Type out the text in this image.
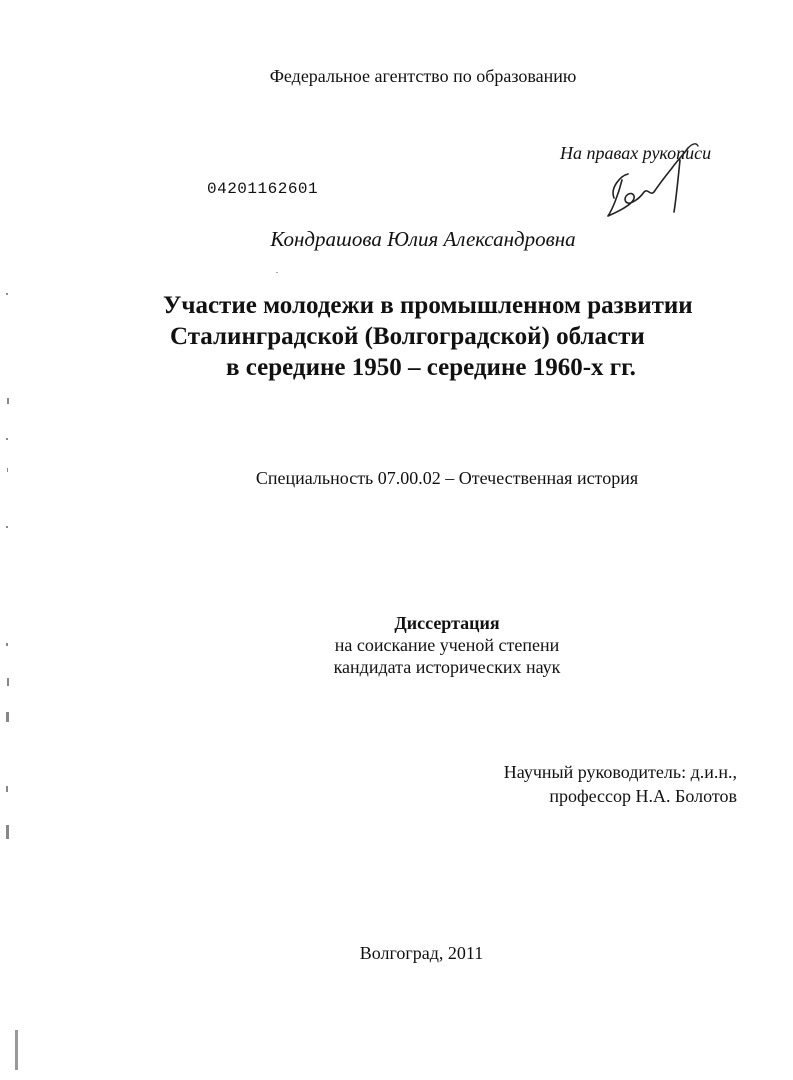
Федеральное агентство по образованию
На правах рукописи
04201162601
Кондрашова Юлия Александровна
Участие молодежи в промышленном развитии
Сталинградской (Волгоградской) области
в середине 1950 – середине 1960-х гг.
Специальность 07.00.02 – Отечественная история
Диссертация
на соискание ученой степени
кандидата исторических наук
Научный руководитель: д.и.н.,
профессор Н.А. Болотов
Волгоград, 2011
